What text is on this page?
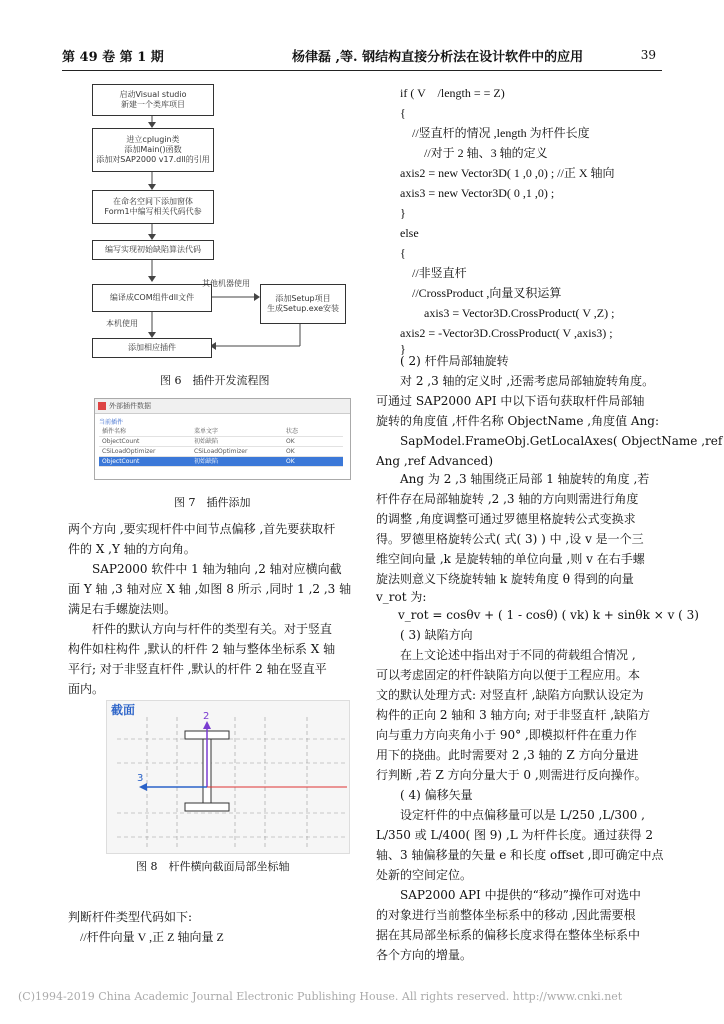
第 49 卷 第 1 期	杨律磊 ,等. 钢结构直接分析法在设计软件中的应用	39
启动Visual studio
新建一个类库项目
进立cplugin类
添加Main()函数
添加对SAP2000 v17.dll的引用
在命名空间下添加窗体
Form1中编写相关代码代参
编写实现初始缺陷算法代码
编译成COM组件dll文件	添加Setup项目
生成Setup.exe安装
添加相应插件
其他机器使用
本机使用
图 6　插件开发流程图
外部插件数据
当前插件
插件名称	菜单文字	状态
ObjectCount	初始缺陷	OK
CSiLoadOptimizer	CSiLoadOptimizer	OK
ObjectCount	初始缺陷	OK
图 7　插件添加
两个方向 ,要实现杆件中间节点偏移 ,首先要获取杆
件的 X ,Y 轴的方向角。
　　SAP2000 软件中 1 轴为轴向 ,2 轴对应横向截
面 Y 轴 ,3 轴对应 X 轴 ,如图 8 所示 ,同时 1 ,2 ,3 轴
满足右手螺旋法则。
　　杆件的默认方向与杆件的类型有关。对于竖直
构件如柱构件 ,默认的杆件 2 轴与整体坐标系 X 轴
平行; 对于非竖直杆件 ,默认的杆件 2 轴在竖直平
面内。
截面	2
3
图 8　杆件横向截面局部坐标轴
判断杆件类型代码如下:
　//杆件向量 V ,正 Z 轴向量 Z
if ( V　/length = = Z)
{
　//竖直杆的情况 ,length 为杆件长度
　　//对于 2 轴、3 轴的定义
axis2 = new Vector3D( 1 ,0 ,0) ; //正 X 轴向
axis3 = new Vector3D( 0 ,1 ,0) ;
}
else
{
　//非竖直杆
　//CrossProduct ,向量叉积运算
　　axis3 = Vector3D.CrossProduct( V ,Z) ;
axis2 = -Vector3D.CrossProduct( V ,axis3) ;
}
( 2) 杆件局部轴旋转
　　对 2 ,3 轴的定义时 ,还需考虑局部轴旋转角度。
可通过 SAP2000 API 中以下语句获取杆件局部轴
旋转的角度值 ,杆件名称 ObjectName ,角度值 Ang:
　　SapModel.FrameObj.GetLocalAxes( ObjectName ,ref
Ang ,ref Advanced)
　　Ang 为 2 ,3 轴围绕正局部 1 轴旋转的角度 ,若
杆件存在局部轴旋转 ,2 ,3 轴的方向则需进行角度
的调整 ,角度调整可通过罗德里格旋转公式变换求
得。罗德里格旋转公式( 式( 3) ) 中 ,设 v 是一个三
维空间向量 ,k 是旋转轴的单位向量 ,则 v 在右手螺
旋法则意义下绕旋转轴 k 旋转角度 θ 得到的向量
v_rot 为:
v_rot = cosθv + ( 1 - cosθ) ( vk) k + sinθk × v ( 3)
( 3) 缺陷方向
　　在上文论述中指出对于不同的荷载组合情况 ,
可以考虑固定的杆件缺陷方向以便于工程应用。本
文的默认处理方式: 对竖直杆 ,缺陷方向默认设定为
构件的正向 2 轴和 3 轴方向; 对于非竖直杆 ,缺陷方
向与重力方向夹角小于 90° ,即模拟杆件在重力作
用下的挠曲。此时需要对 2 ,3 轴的 Z 方向分量进
行判断 ,若 Z 方向分量大于 0 ,则需进行反向操作。
( 4) 偏移矢量
　　设定杆件的中点偏移量可以是 L/250 ,L/300 ,
L/350 或 L/400( 图 9) ,L 为杆件长度。通过获得 2
轴、3 轴偏移量的矢量 e 和长度 offset ,即可确定中点
处新的空间定位。
　　SAP2000 API 中提供的“移动”操作可对选中
的对象进行当前整体坐标系中的移动 ,因此需要根
据在其局部坐标系的偏移长度求得在整体坐标系中
各个方向的增量。
(C)1994-2019 China Academic Journal Electronic Publishing House. All rights reserved. http://www.cnki.net
